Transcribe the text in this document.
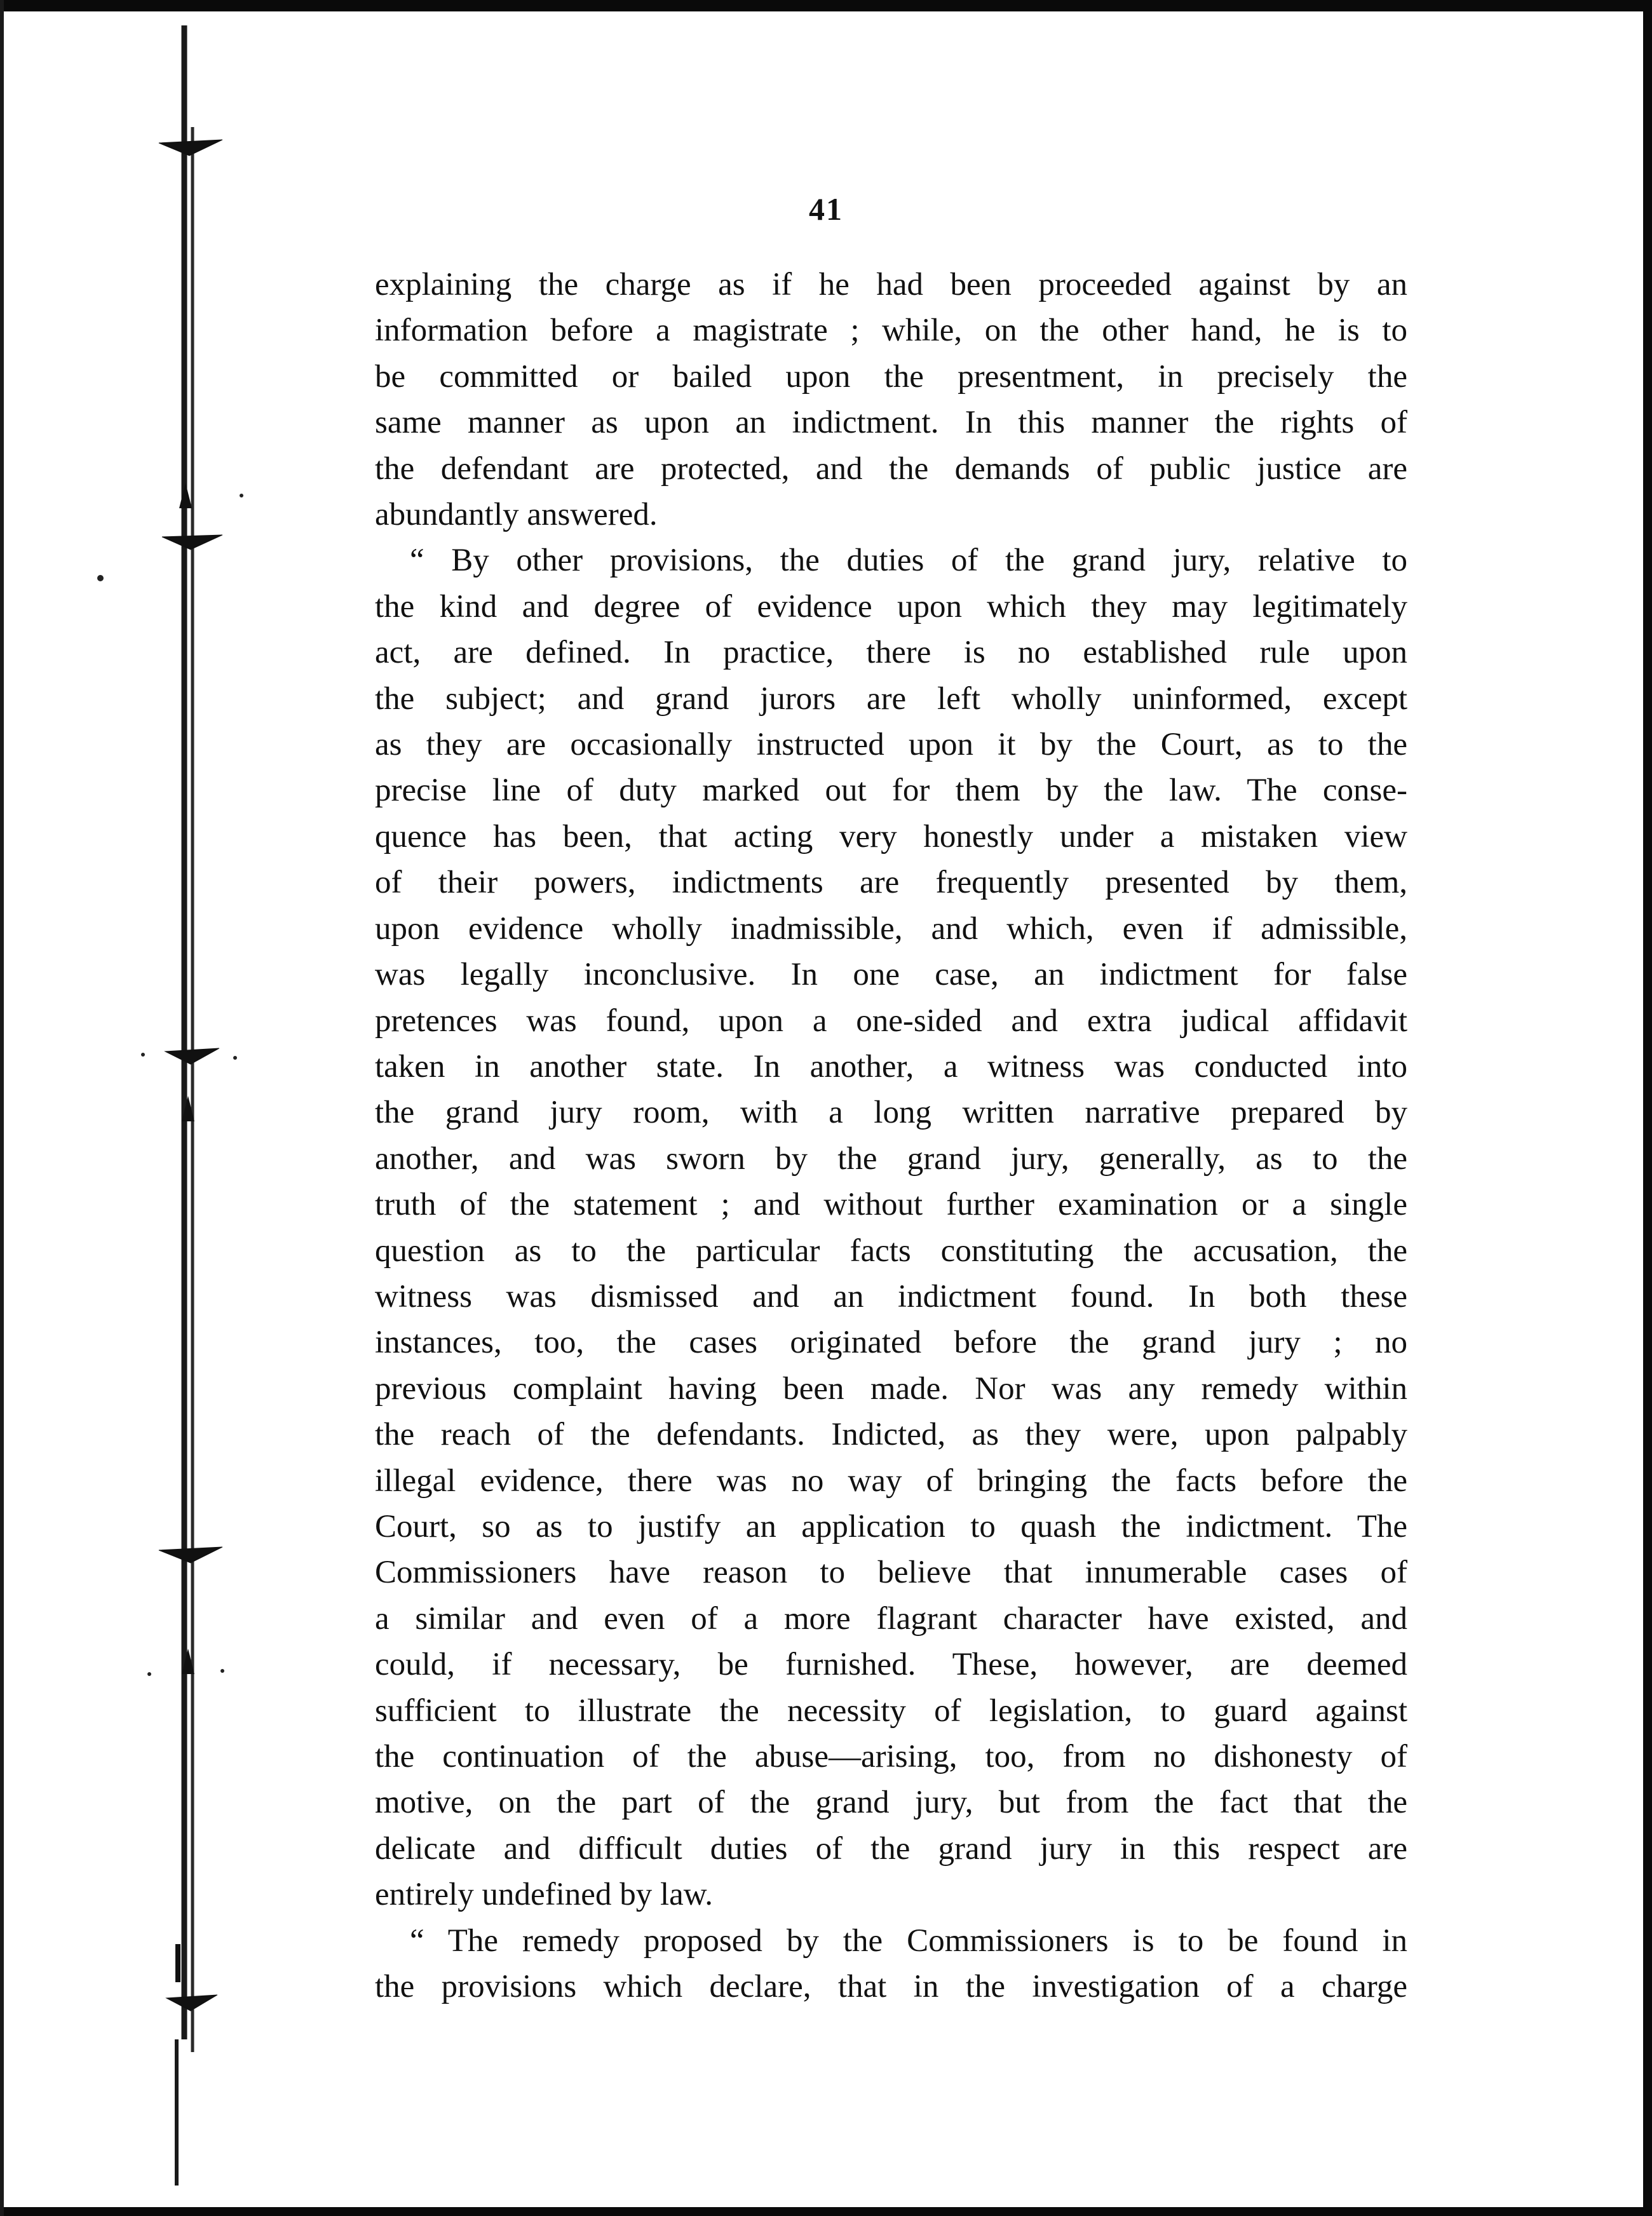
41
explaining the charge as if he had been proceeded against by an
information before a magistrate ; while, on the other hand, he is to
be committed or bailed upon the presentment, in precisely the
same manner as upon an indictment. In this manner the rights of
the defendant are protected, and the demands of public justice are
abundantly answered.
“ By other provisions, the duties of the grand jury, relative to
the kind and degree of evidence upon which they may legitimately
act, are defined. In practice, there is no established rule upon
the subject; and grand jurors are left wholly uninformed, except
as they are occasionally instructed upon it by the Court, as to the
precise line of duty marked out for them by the law. The conse-
quence has been, that acting very honestly under a mistaken view
of their powers, indictments are frequently presented by them,
upon evidence wholly inadmissible, and which, even if admissible,
was legally inconclusive. In one case, an indictment for false
pretences was found, upon a one-sided and extra judical affidavit
taken in another state. In another, a witness was conducted into
the grand jury room, with a long written narrative prepared by
another, and was sworn by the grand jury, generally, as to the
truth of the statement ; and without further examination or a single
question as to the particular facts constituting the accusation, the
witness was dismissed and an indictment found. In both these
instances, too, the cases originated before the grand jury ; no
previous complaint having been made. Nor was any remedy within
the reach of the defendants. Indicted, as they were, upon palpably
illegal evidence, there was no way of bringing the facts before the
Court, so as to justify an application to quash the indictment. The
Commissioners have reason to believe that innumerable cases of
a similar and even of a more flagrant character have existed, and
could, if necessary, be furnished. These, however, are deemed
sufficient to illustrate the necessity of legislation, to guard against
the continuation of the abuse—arising, too, from no dishonesty of
motive, on the part of the grand jury, but from the fact that the
delicate and difficult duties of the grand jury in this respect are
entirely undefined by law.
“ The remedy proposed by the Commissioners is to be found in
the provisions which declare, that in the investigation of a charge
